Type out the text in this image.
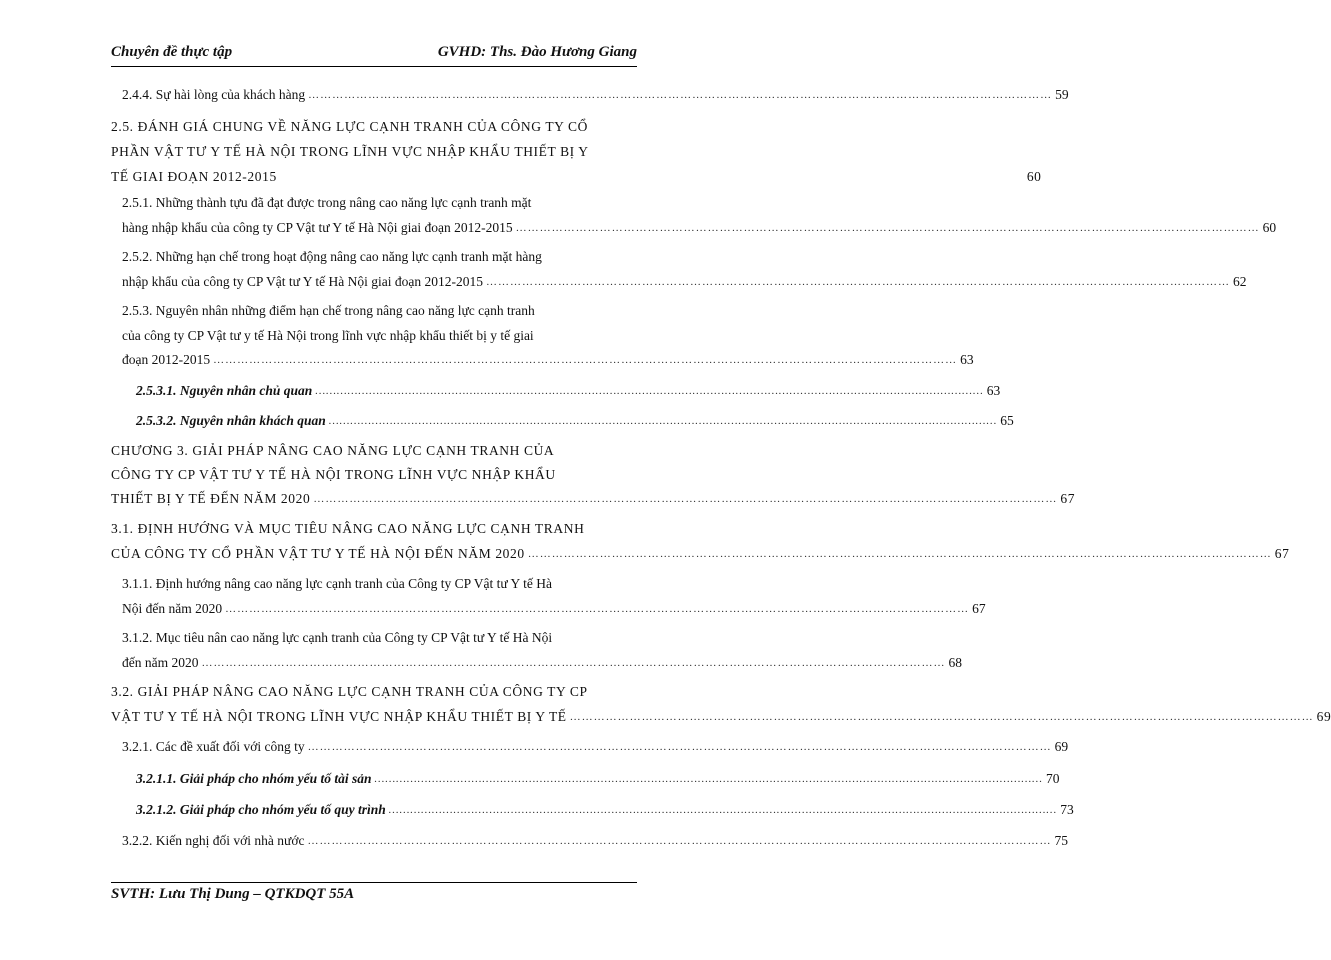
Chuyên đề thực tập	GVHD: Ths. Đào Hương Giang
2.4.4. Sự hài lòng của khách hàng …………………………………………………………………………………………………………………………………………………………………… 59
2.5. ĐÁNH GIÁ CHUNG VỀ NĂNG LỰC CẠNH TRANH CỦA CÔNG TY CỔ
PHẦN VẬT TƯ Y TẾ HÀ NỘI TRONG LĨNH VỰC NHẬP KHẨU THIẾT BỊ Y
TẾ GIAI ĐOẠN 2012-2015	60
2.5.1. Những thành tựu đã đạt được trong nâng cao năng lực cạnh tranh mặt
hàng nhập khẩu của công ty CP Vật tư Y tế Hà Nội giai đoạn 2012-2015 …………………………………………………………………………………………………………………………………………………………………… 60
2.5.2. Những hạn chế trong hoạt động nâng cao năng lực cạnh tranh mặt hàng
nhập khẩu của công ty CP Vật tư Y tế Hà Nội giai đoạn 2012-2015 …………………………………………………………………………………………………………………………………………………………………… 62
2.5.3. Nguyên nhân những điểm hạn chế trong nâng cao năng lực cạnh tranh
của công ty CP Vật tư y tế Hà Nội trong lĩnh vực nhập khẩu thiết bị y tế giai
đoạn 2012-2015 …………………………………………………………………………………………………………………………………………………………………… 63
2.5.3.1. Nguyên nhân chủ quan …………………………………………………………………………………………………………………………………………………………………… 63
2.5.3.2. Nguyên nhân khách quan …………………………………………………………………………………………………………………………………………………………………… 65
CHƯƠNG 3. GIẢI PHÁP NÂNG CAO NĂNG LỰC CẠNH TRANH CỦA
CÔNG TY CP VẬT TƯ Y TẾ HÀ NỘI TRONG LĨNH VỰC NHẬP KHẨU
THIẾT BỊ Y TẾ ĐẾN NĂM 2020 …………………………………………………………………………………………………………………………………………………………………… 67
3.1. ĐỊNH HƯỚNG VÀ MỤC TIÊU NÂNG CAO NĂNG LỰC CẠNH TRANH
CỦA CÔNG TY CỔ PHẦN VẬT TƯ Y TẾ HÀ NỘI ĐẾN NĂM 2020 …………………………………………………………………………………………………………………………………………………………………… 67
3.1.1. Định hướng nâng cao năng lực cạnh tranh của Công ty CP Vật tư Y tế Hà
Nội đến năm 2020 …………………………………………………………………………………………………………………………………………………………………… 67
3.1.2. Mục tiêu nân cao năng lực cạnh tranh của Công ty CP Vật tư Y tế Hà Nội
đến năm 2020 …………………………………………………………………………………………………………………………………………………………………… 68
3.2. GIẢI PHÁP NÂNG CAO NĂNG LỰC CẠNH TRANH CỦA CÔNG TY CP
VẬT TƯ Y TẾ HÀ NỘI TRONG LĨNH VỰC NHẬP KHẨU THIẾT BỊ Y TẾ …………………………………………………………………………………………………………………………………………………………………… 69
3.2.1. Các đề xuất đối với công ty …………………………………………………………………………………………………………………………………………………………………… 69
3.2.1.1. Giải pháp cho nhóm yếu tố tài sản …………………………………………………………………………………………………………………………………………………………………… 70
3.2.1.2. Giải pháp cho nhóm yếu tố quy trình …………………………………………………………………………………………………………………………………………………………………… 73
3.2.2. Kiến nghị đối với nhà nước …………………………………………………………………………………………………………………………………………………………………… 75
SVTH: Lưu Thị Dung – QTKDQT 55A
